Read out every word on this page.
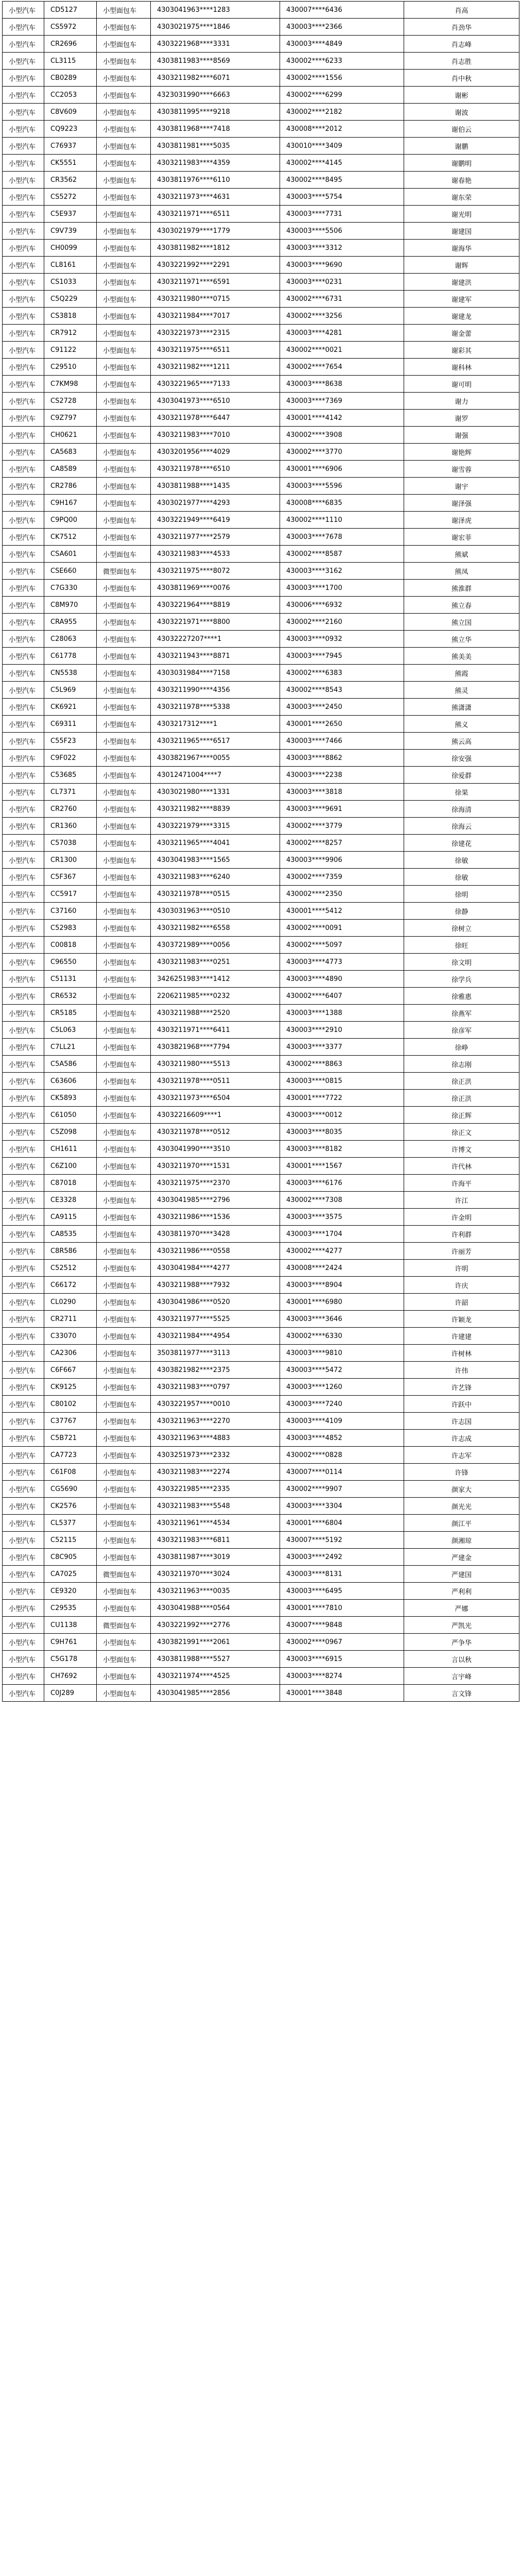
小型汽车	CD5127	小型面包车	4303041963****1283	430007****6436	肖高
小型汽车	CS5972	小型面包车	4303021975****1846	430003****2366	肖劲华
小型汽车	CR2696	小型面包车	4303221968****3331	430003****4849	肖志峰
小型汽车	CL3115	小型面包车	4303811983****8569	430002****6233	肖志胜
小型汽车	CB0289	小型面包车	4303211982****6071	430002****1556	肖中秋
小型汽车	CC2053	小型面包车	4323031990****6663	430002****6299	谢彬
小型汽车	C8V609	小型面包车	4303811995****9218	430002****2182	谢波
小型汽车	CQ9223	小型面包车	4303811968****7418	430008****2012	谢伯云
小型汽车	C76937	小型面包车	4303811981****5035	430010****3409	谢鹏
小型汽车	CK5551	小型面包车	4303211983****4359	430002****4145	谢鹏明
小型汽车	CR3562	小型面包车	4303811976****6110	430002****8495	谢春艳
小型汽车	CS5272	小型面包车	4303211973****4631	430003****5754	谢东荣
小型汽车	C5E937	小型面包车	4303211971****6511	430003****7731	谢光明
小型汽车	C9V739	小型面包车	4303021979****1779	430003****5506	谢建国
小型汽车	CH0099	小型面包车	4303811982****1812	430003****3312	谢海华
小型汽车	CL8161	小型面包车	4303221992****2291	430003****9690	谢辉
小型汽车	CS1033	小型面包车	4303211971****6591	430003****0231	谢建洪
小型汽车	C5Q229	小型面包车	4303211980****0715	430002****6731	谢建军
小型汽车	CS3818	小型面包车	4303211984****7017	430002****3256	谢建龙
小型汽车	CR7912	小型面包车	4303221973****2315	430003****4281	谢金蕾
小型汽车	C91122	小型面包车	4303211975****6511	430002****0021	谢彩其
小型汽车	C29510	小型面包车	4303211982****1211	430002****7654	谢科林
小型汽车	C7KM98	小型面包车	4303221965****7133	430003****8638	谢可明
小型汽车	CS2728	小型面包车	4303041973****6510	430003****7369	谢力
小型汽车	C9Z797	小型面包车	4303211978****6447	430001****4142	谢罗
小型汽车	CH0621	小型面包车	4303211983****7010	430002****3908	谢强
小型汽车	CA5683	小型面包车	4303201956****4029	430002****3770	谢艳辉
小型汽车	CA8589	小型面包车	4303211978****6510	430001****6906	谢雪蓉
小型汽车	CR2786	小型面包车	4303811988****1435	430003****5596	谢宇
小型汽车	C9H167	小型面包车	4303021977****4293	430008****6835	谢泽强
小型汽车	C9PQ00	小型面包车	4303221949****6419	430002****1110	谢泽虎
小型汽车	CK7512	小型面包车	4303211977****2579	430003****7678	谢宏菲
小型汽车	CSA601	小型面包车	4303211983****4533	430002****8587	熊斌
小型汽车	CSE660	微型面包车	4303211975****8072	430003****3162	熊凤
小型汽车	C7G330	小型面包车	4303811969****0076	430003****1700	熊淮群
小型汽车	C8M970	小型面包车	4303221964****8819	430006****6932	熊立春
小型汽车	CRA955	小型面包车	4303221971****8800	430002****2160	熊立国
小型汽车	C28063	小型面包车	43032227207****1	430003****0932	熊立华
小型汽车	C61778	小型面包车	4303211943****8871	430003****7945	熊美美
小型汽车	CN5538	小型面包车	4303031984****7158	430002****6383	熊霞
小型汽车	C5L969	小型面包车	4303211990****4356	430002****8543	熊灵
小型汽车	CK6921	小型面包车	4303211978****5338	430003****2450	熊潇潇
小型汽车	C69311	小型面包车	4303217312****1	430001****2650	熊义
小型汽车	C55F23	小型面包车	4303211965****6517	430003****7466	熊云高
小型汽车	C9F022	小型面包车	4303821967****0055	430003****8862	徐安强
小型汽车	C53685	小型面包车	43012471004****7	430003****2238	徐爱群
小型汽车	CL7371	小型面包车	4303021980****1331	430003****3818	徐果
小型汽车	CR2760	小型面包车	4303211982****8839	430003****9691	徐海清
小型汽车	CR1360	小型面包车	4303221979****3315	430002****3779	徐海云
小型汽车	C57038	小型面包车	4303211965****4041	430002****8257	徐建花
小型汽车	CR1300	小型面包车	4303041983****1565	430003****9906	徐敏
小型汽车	C5F367	小型面包车	4303211983****6240	430002****7359	徐敏
小型汽车	CC5917	小型面包车	4303211978****0515	430002****2350	徐明
小型汽车	C37160	小型面包车	4303031963****0510	430001****5412	徐静
小型汽车	C52983	小型面包车	4303211982****6558	430002****0091	徐树立
小型汽车	C00818	小型面包车	4303721989****0056	430002****5097	徐旺
小型汽车	C96550	小型面包车	4303211983****0251	430003****4773	徐文明
小型汽车	C51131	小型面包车	3426251983****1412	430003****4890	徐学兵
小型汽车	CR6532	小型面包车	2206211985****0232	430002****6407	徐雅惠
小型汽车	CR5185	小型面包车	4303211988****2520	430003****1388	徐燕军
小型汽车	C5L063	小型面包车	4303211971****6411	430003****2910	徐彦军
小型汽车	C7LL21	小型面包车	4303821968****7794	430003****3377	徐峥
小型汽车	C5A586	小型面包车	4303211980****5513	430002****8863	徐志刚
小型汽车	C63606	小型面包车	4303211978****0511	430003****0815	徐正洪
小型汽车	CK5893	小型面包车	4303211973****6504	430001****7722	徐正洪
小型汽车	C61050	小型面包车	43032216609****1	430003****0012	徐正辉
小型汽车	C5Z098	小型面包车	4303211978****0512	430003****8035	徐正文
小型汽车	CH1611	小型面包车	4303041990****3510	430003****8182	许博文
小型汽车	C6Z100	小型面包车	4303211970****1531	430001****1567	许代林
小型汽车	C87018	小型面包车	4303211975****2370	430003****6176	许海平
小型汽车	CE3328	小型面包车	4303041985****2796	430002****7308	许江
小型汽车	CA9115	小型面包车	4303211986****1536	430003****3575	许金明
小型汽车	CA8535	小型面包车	4303811970****3428	430003****1704	许利群
小型汽车	C8R586	小型面包车	4303211986****0558	430002****4277	许丽芳
小型汽车	C52512	小型面包车	4303041984****4277	430008****2424	许明
小型汽车	C66172	小型面包车	4303211988****7932	430003****8904	许庆
小型汽车	CL0290	小型面包车	4303041986****0520	430001****6980	许韶
小型汽车	CR2711	小型面包车	4303211977****5525	430003****3646	许颖龙
小型汽车	C33070	小型面包车	4303211984****4954	430002****6330	许建建
小型汽车	CA2306	小型面包车	3503811977****3113	430003****9810	许树林
小型汽车	C6F667	小型面包车	4303821982****2375	430003****5472	许伟
小型汽车	CK9125	小型面包车	4303211983****0797	430003****1260	许艺锋
小型汽车	C80102	小型面包车	4303221957****0010	430003****7240	许跃中
小型汽车	C37767	小型面包车	4303211963****2270	430003****4109	许志国
小型汽车	C5B721	小型面包车	4303211963****4883	430003****4852	许志成
小型汽车	CA7723	小型面包车	4303251973****2332	430002****0828	许志军
小型汽车	C61F08	小型面包车	4303211983****2274	430007****0114	许锋
小型汽车	CG5690	小型面包车	4303221985****2335	430002****9907	颜家大
小型汽车	CK2576	小型面包车	4303211983****5548	430003****3304	颜光光
小型汽车	CL5377	小型面包车	4303211961****4534	430001****6804	颜江平
小型汽车	C52115	小型面包车	4303211983****6811	430007****5192	颜湘琼
小型汽车	C8C905	小型面包车	4303811987****3019	430003****2492	严建金
小型汽车	CA7025	微型面包车	4303211970****3024	430003****8131	严建国
小型汽车	CE9320	小型面包车	4303211963****0035	430003****6495	严利利
小型汽车	C29535	小型面包车	4303041988****0564	430001****7810	严娜
小型汽车	CU1138	微型面包车	4303221992****2776	430007****9848	严凯光
小型汽车	C9H761	小型面包车	4303821991****2061	430002****0967	严争华
小型汽车	C5G178	小型面包车	4303811988****5527	430003****6915	言以秋
小型汽车	CH7692	小型面包车	4303211974****4525	430003****8274	言宇峰
小型汽车	C0J289	小型面包车	4303041985****2856	430001****3848	言文锋
